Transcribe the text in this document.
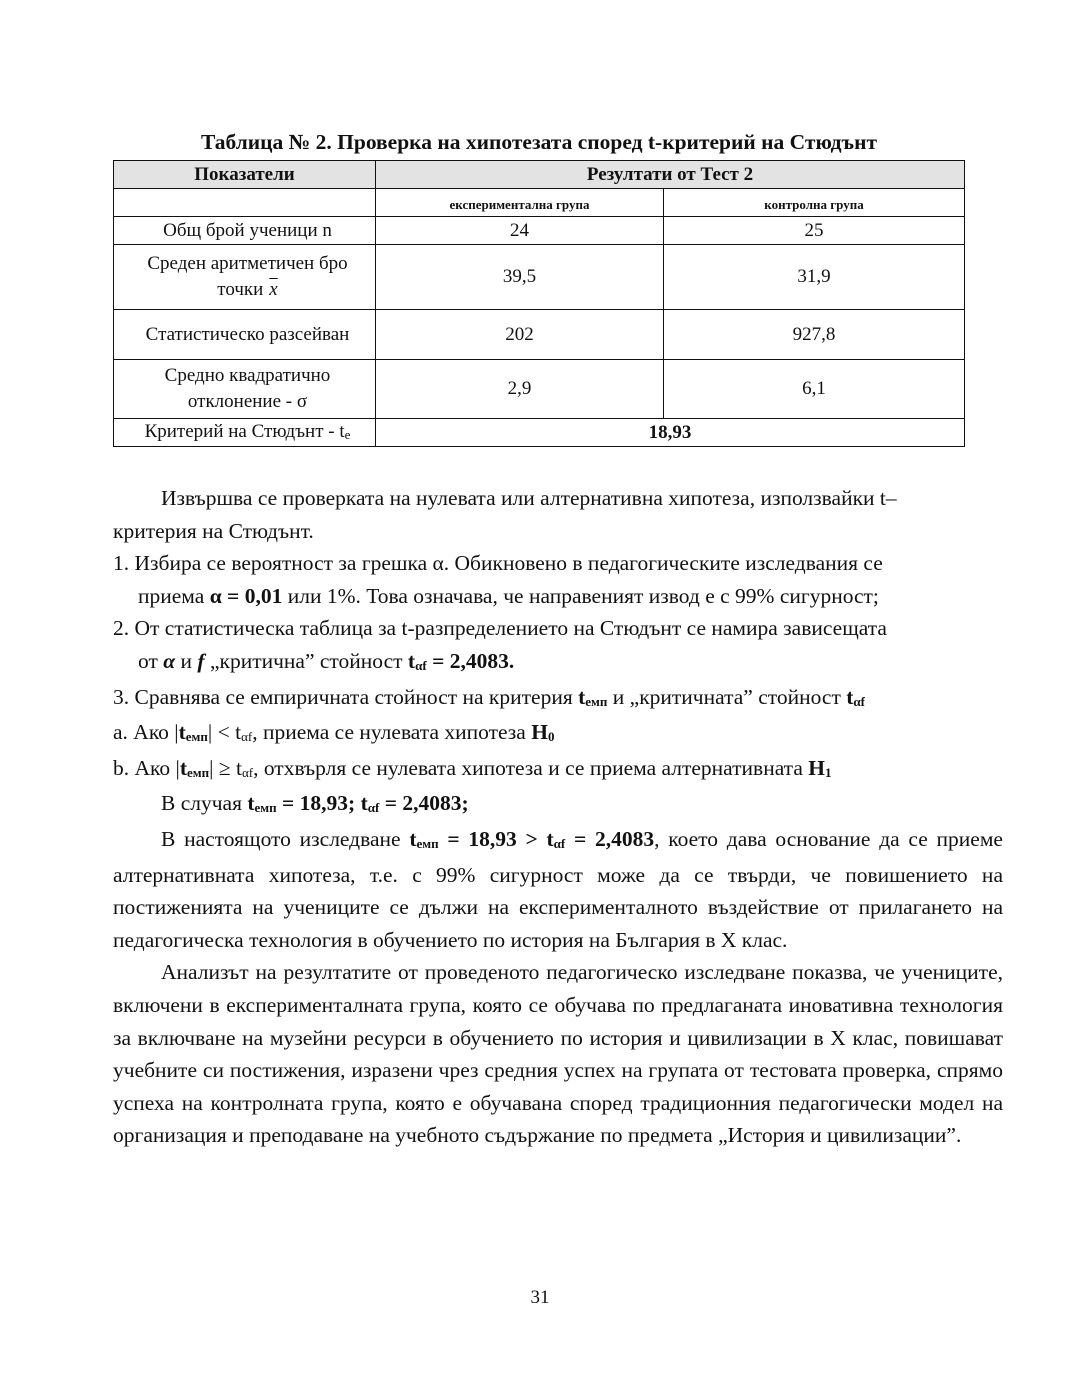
Таблица № 2. Проверка на хипотезата според t-критерий на Стюдънт
Показатели	Резултати от Тест 2	
	експериментална група	контролна група
Общ брой ученици n	24	25

Среден аритметичен бро
точки $\overline{x}$	39,5	31,9
Статистическо разсейван	202	927,8

Средно квадратично
отклонение - σ	2,9	6,1
Критерий на Стюдънт - te	18,93	

Извършва се проверката на нулевата или алтернативна хипотеза, използвайки t–

критерия на Стюдънт.

1. Избира се вероятност за грешка α. Обикновено в педагогическите изследвания се

приема α = 0,01 или 1%. Това означава, че направеният извод е с 99% сигурност;

2. От статистическа таблица за t-разпределението на Стюдънт се намира зависещата

от α и f „критична” стойност tαf = 2,4083.

3. Сравнява се емпиричната стойност на критерия tемп и „критичната” стойност tαf

a. Ако |tемп| < tαf, приема се нулевата хипотеза H0

b. Ако |tемп| ≥ tαf, отхвърля се нулевата хипотеза и се приема алтернативната H1

В случая tемп = 18,93; tαf = 2,4083;

В настоящото изследване tемп = 18,93 > tαf = 2,4083, което дава основание да се приеме алтернативната хипотеза, т.е. с 99% сигурност може да се твърди, че повишението на постиженията на учениците се дължи на експерименталното въздействие от прилагането на педагогическа технология в обучението по история на България в X клас.

Анализът на резултатите от проведеното педагогическо изследване показва, че учениците, включени в експерименталната група, която се обучава по предлаганата иновативна технология за включване на музейни ресурси в обучението по история и цивилизации в X клас, повишават учебните си постижения, изразени чрез средния успех на групата от тестовата проверка, спрямо успеха на контролната група, която е обучавана според традиционния педагогически модел на организация и преподаване на учебното съдържание по предмета „История и цивилизации”.

31
